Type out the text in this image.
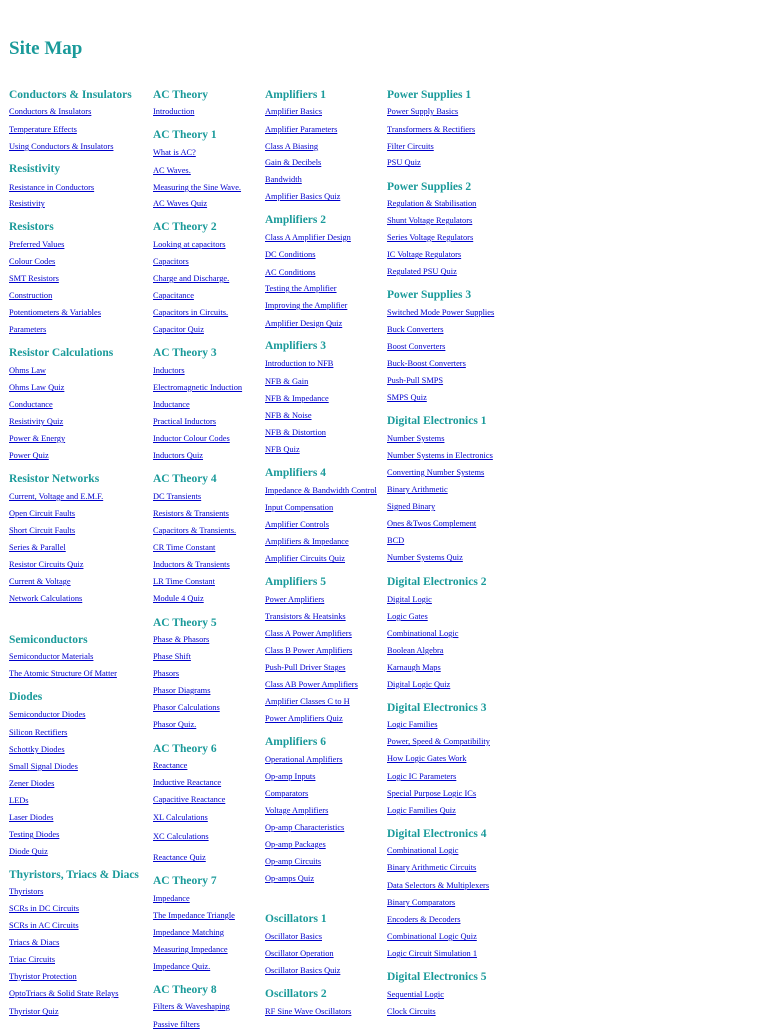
Site Map
Conductors & Insulators
Conductors & Insulators
Temperature Effects
Using Conductors & Insulators
Resistivity
Resistance in Conductors
Resistivity
Resistors
Preferred Values
Colour Codes
SMT Resistors
Construction
Potentiometers & Variables
Parameters
Resistor Calculations
Ohms Law
Ohms Law Quiz
Conductance
Resistivity Quiz
Power & Energy
Power Quiz
Resistor Networks
Current, Voltage and E.M.F.
Open Circuit Faults
Short Circuit Faults
Series & Parallel
Resistor Circuits Quiz
Current & Voltage
Network Calculations
Semiconductors
Semiconductor Materials
The Atomic Structure Of Matter
Diodes
Semiconductor Diodes
Silicon Rectifiers
Schottky Diodes
Small Signal Diodes
Zener Diodes
LEDs
Laser Diodes
Testing Diodes
Diode Quiz
Thyristors, Triacs & Diacs
Thyristors
SCRs in DC Circuits
SCRs in AC Circuits
Triacs & Diacs
Triac Circuits
Thyristor Protection
OptoTriacs & Solid State Relays
Thyristor Quiz
AC Theory
Introduction
AC Theory 1
What is AC?
AC Waves.
Measuring the Sine Wave.
AC Waves Quiz
AC Theory 2
Looking at capacitors
Capacitors
Charge and Discharge.
Capacitance
Capacitors in Circuits.
Capacitor Quiz
AC Theory 3
Inductors
Electromagnetic Induction
Inductance
Practical Inductors
Inductor Colour Codes
Inductors Quiz
AC Theory 4
DC Transients
Resistors & Transients
Capacitors & Transients.
CR Time Constant
Inductors & Transients
LR Time Constant
Module 4 Quiz
AC Theory 5
Phase & Phasors
Phase Shift
Phasors
Phasor Diagrams
Phasor Calculations
Phasor Quiz.
AC Theory 6
Reactance
Inductive Reactance
Capacitive Reactance
XL Calculations
XC Calculations
Reactance Quiz
AC Theory 7
Impedance
The Impedance Triangle
Impedance Matching
Measuring Impedance
Impedance Quiz.
AC Theory 8
Filters & Waveshaping
Passive filters
Amplifiers 1
Amplifier Basics
Amplifier Parameters
Class A Biasing
Gain & Decibels
Bandwidth
Amplifier Basics Quiz
Amplifiers 2
Class A Amplifier Design
DC Conditions
AC Conditions
Testing the Amplifier
Improving the Amplifier
Amplifier Design Quiz
Amplifiers 3
Introduction to NFB
NFB & Gain
NFB & Impedance
NFB & Noise
NFB & Distortion
NFB Quiz
Amplifiers 4
Impedance & Bandwidth Control
Input Compensation
Amplifier Controls
Amplifiers & Impedance
Amplifier Circuits Quiz
Amplifiers 5
Power Amplifiers
Transistors & Heatsinks
Class A Power Amplifiers
Class B Power Amplifiers
Push-Pull Driver Stages
Class AB Power Amplifiers
Amplifier Classes C to H
Power Amplifiers Quiz
Amplifiers 6
Operational Amplifiers
Op-amp Inputs
Comparators
Voltage Amplifiers
Op-amp Characteristics
Op-amp Packages
Op-amp Circuits
Op-amps Quiz
Oscillators 1
Oscillator Basics
Oscillator Operation
Oscillator Basics Quiz
Oscillators 2
RF Sine Wave Oscillators
Power Supplies 1
Power Supply Basics
Transformers & Rectifiers
Filter Circuits
PSU Quiz
Power Supplies 2
Regulation & Stabilisation
Shunt Voltage Regulators
Series Voltage Regulators
IC Voltage Regulators
Regulated PSU Quiz
Power Supplies 3
Switched Mode Power Supplies
Buck Converters
Boost Converters
Buck-Boost Converters
Push-Pull SMPS
SMPS Quiz
Digital Electronics 1
Number Systems
Number Systems in Electronics
Converting Number Systems
Binary Arithmetic
Signed Binary
Ones &Twos Complement
BCD
Number Systems Quiz
Digital Electronics 2
Digital Logic
Logic Gates
Combinational Logic
Boolean Algebra
Karnaugh Maps
Digital Logic Quiz
Digital Electronics 3
Logic Families
Power, Speed & Compatibility
How Logic Gates Work
Logic IC Parameters
Special Purpose Logic ICs
Logic Families Quiz
Digital Electronics 4
Combinational Logic
Binary Arithmetic Circuits
Data Selectors & Multiplexers
Binary Comparators
Encoders & Decoders
Combinational Logic Quiz
Logic Circuit Simulation 1
Digital Electronics 5
Sequential Logic
Clock Circuits
